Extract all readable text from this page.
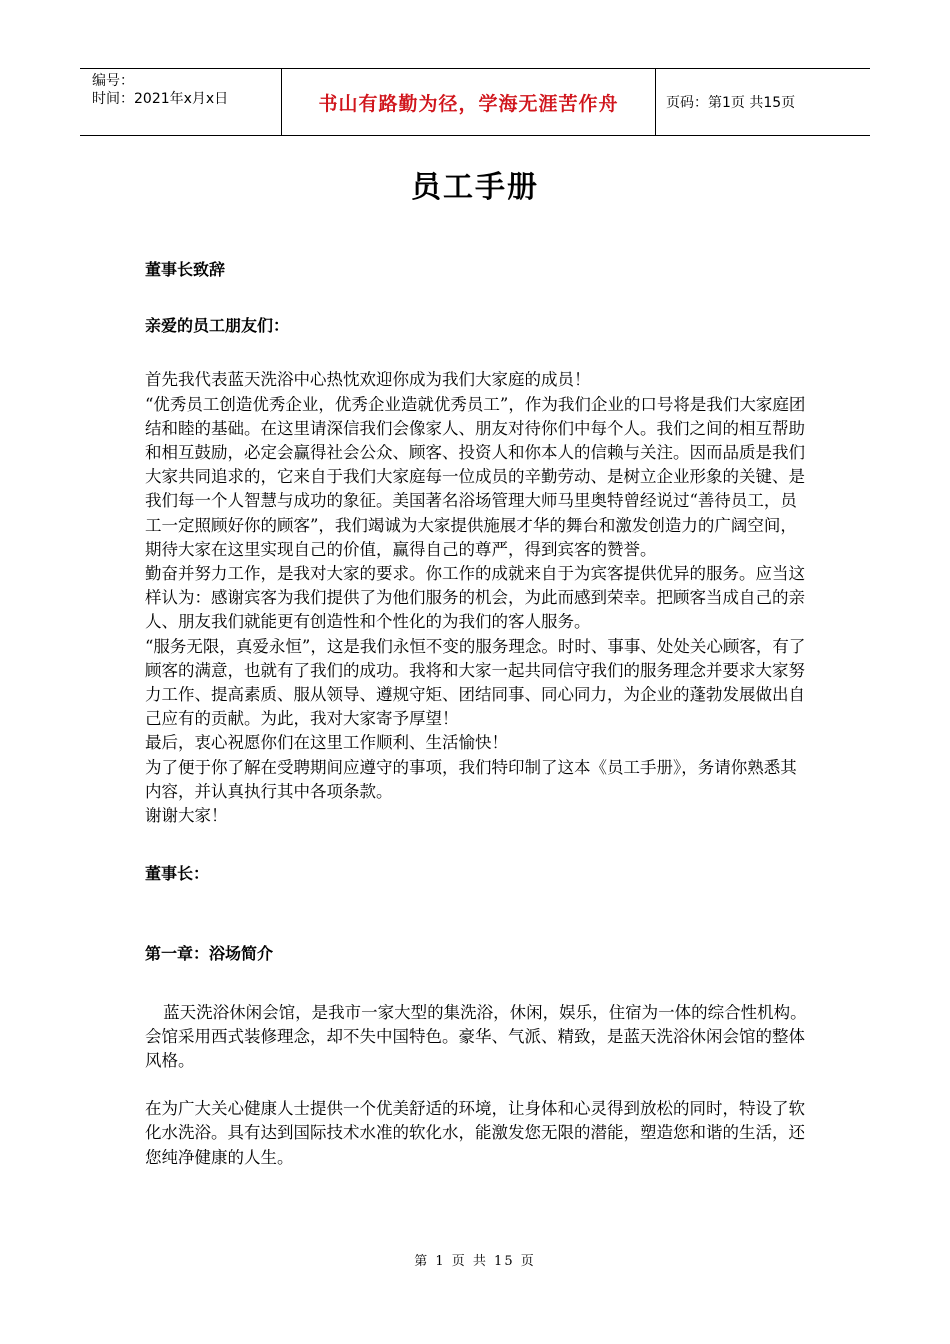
编号：
时间：2021年x月x日	书山有路勤为径，学海无涯苦作舟	页码：第1页 共15页
员工手册

董事长致辞

亲爱的员工朋友们：

首先我代表蓝天洗浴中心热忱欢迎你成为我们大家庭的成员！

“优秀员工创造优秀企业，优秀企业造就优秀员工”，作为我们企业的口号将是我们大家庭团结和睦的基础。在这里请深信我们会像家人、朋友对待你们中每个人。我们之间的相互帮助和相互鼓励，必定会赢得社会公众、顾客、投资人和你本人的信赖与关注。因而品质是我们大家共同追求的，它来自于我们大家庭每一位成员的辛勤劳动、是树立企业形象的关键、是我们每一个人智慧与成功的象征。美国著名浴场管理大师马里奥特曾经说过“善待员工，员工一定照顾好你的顾客”，我们竭诚为大家提供施展才华的舞台和激发创造力的广阔空间，期待大家在这里实现自己的价值，赢得自己的尊严，得到宾客的赞誉。

勤奋并努力工作，是我对大家的要求。你工作的成就来自于为宾客提供优异的服务。应当这样认为：感谢宾客为我们提供了为他们服务的机会，为此而感到荣幸。把顾客当成自己的亲人、朋友我们就能更有创造性和个性化的为我们的客人服务。

“服务无限，真爱永恒”，这是我们永恒不变的服务理念。时时、事事、处处关心顾客，有了顾客的满意，也就有了我们的成功。我将和大家一起共同信守我们的服务理念并要求大家努力工作、提高素质、服从领导、遵规守矩、团结同事、同心同力，为企业的蓬勃发展做出自己应有的贡献。为此，我对大家寄予厚望！

最后，衷心祝愿你们在这里工作顺利、生活愉快！

为了便于你了解在受聘期间应遵守的事项，我们特印制了这本《员工手册》，务请你熟悉其内容，并认真执行其中各项条款。

谢谢大家！

董事长：

第一章：浴场简介

蓝天洗浴休闲会馆，是我市一家大型的集洗浴，休闲，娱乐，住宿为一体的综合性机构。会馆采用西式装修理念，却不失中国特色。豪华、气派、精致，是蓝天洗浴休闲会馆的整体风格。

在为广大关心健康人士提供一个优美舒适的环境，让身体和心灵得到放松的同时，特设了软化水洗浴。具有达到国际技术水准的软化水，能激发您无限的潜能，塑造您和谐的生活，还您纯净健康的人生。

第 1 页 共 15 页
